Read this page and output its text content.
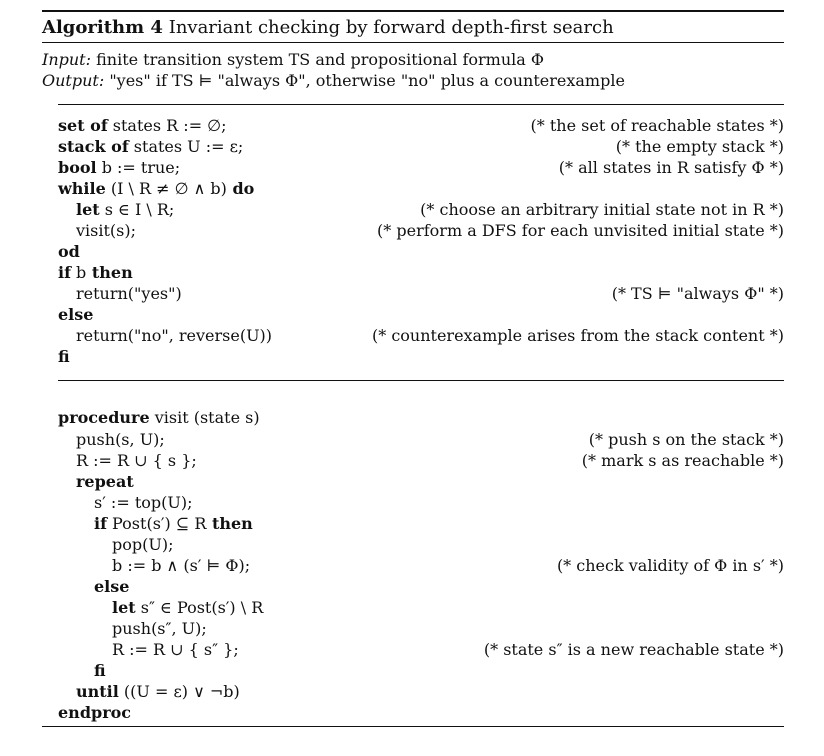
Algorithm 4 Invariant checking by forward depth-first search
Input: finite transition system TS and propositional formula Φ
Output: "yes" if TS ⊨ "always Φ", otherwise "no" plus a counterexample
set of states R := ∅;	(* the set of reachable states *)
stack of states U := ε;	(* the empty stack *)
bool b := true;	(* all states in R satisfy Φ *)
while (I \ R ≠ ∅ ∧ b) do
let s ∈ I \ R;	(* choose an arbitrary initial state not in R *)
visit(s);	(* perform a DFS for each unvisited initial state *)
od
if b then
return("yes")	(* TS ⊨ "always Φ" *)
else
return("no", reverse(U))	(* counterexample arises from the stack content *)
fi
procedure visit (state s)
push(s, U);	(* push s on the stack *)
R := R ∪ { s };	(* mark s as reachable *)
repeat
s′ := top(U);
if Post(s′) ⊆ R then
pop(U);
b := b ∧ (s′ ⊨ Φ);	(* check validity of Φ in s′ *)
else
let s″ ∈ Post(s′) \ R
push(s″, U);
R := R ∪ { s″ };	(* state s″ is a new reachable state *)
fi
until ((U = ε) ∨ ¬b)
endproc
